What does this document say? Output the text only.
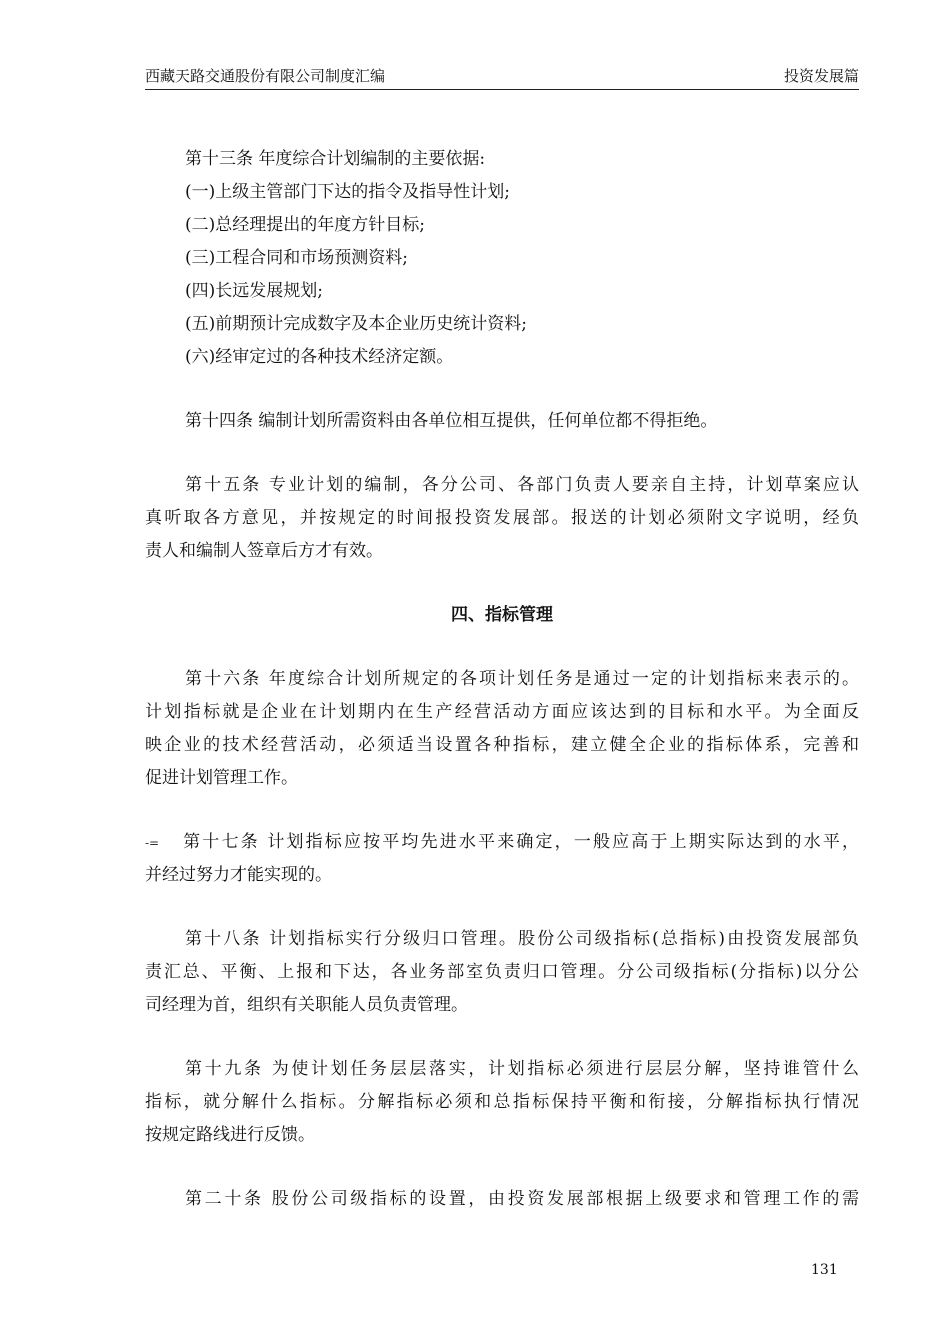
西藏天路交通股份有限公司制度汇编	投资发展篇
第十三条 年度综合计划编制的主要依据:
(一)上级主管部门下达的指令及指导性计划;
(二)总经理提出的年度方针目标;
(三)工程合同和市场预测资料;
(四)长远发展规划;
(五)前期预计完成数字及本企业历史统计资料;
(六)经审定过的各种技术经济定额。
第十四条 编制计划所需资料由各单位相互提供，任何单位都不得拒绝。
第十五条 专业计划的编制，各分公司、各部门负责人要亲自主持，计划草案应认
真听取各方意见，并按规定的时间报投资发展部。报送的计划必须附文字说明，经负
责人和编制人签章后方才有效。
四、指标管理
第十六条 年度综合计划所规定的各项计划任务是通过一定的计划指标来表示的。
计划指标就是企业在计划期内在生产经营活动方面应该达到的目标和水平。为全面反
映企业的技术经营活动，必须适当设置各种指标，建立健全企业的指标体系，完善和
促进计划管理工作。
-= 第十七条 计划指标应按平均先进水平来确定，一般应高于上期实际达到的水平，
并经过努力才能实现的。
第十八条 计划指标实行分级归口管理。股份公司级指标(总指标)由投资发展部负
责汇总、平衡、上报和下达，各业务部室负责归口管理。分公司级指标(分指标)以分公
司经理为首，组织有关职能人员负责管理。
第十九条 为使计划任务层层落实，计划指标必须进行层层分解，坚持谁管什么
指标，就分解什么指标。分解指标必须和总指标保持平衡和衔接，分解指标执行情况
按规定路线进行反馈。
第二十条 股份公司级指标的设置，由投资发展部根据上级要求和管理工作的需
131
